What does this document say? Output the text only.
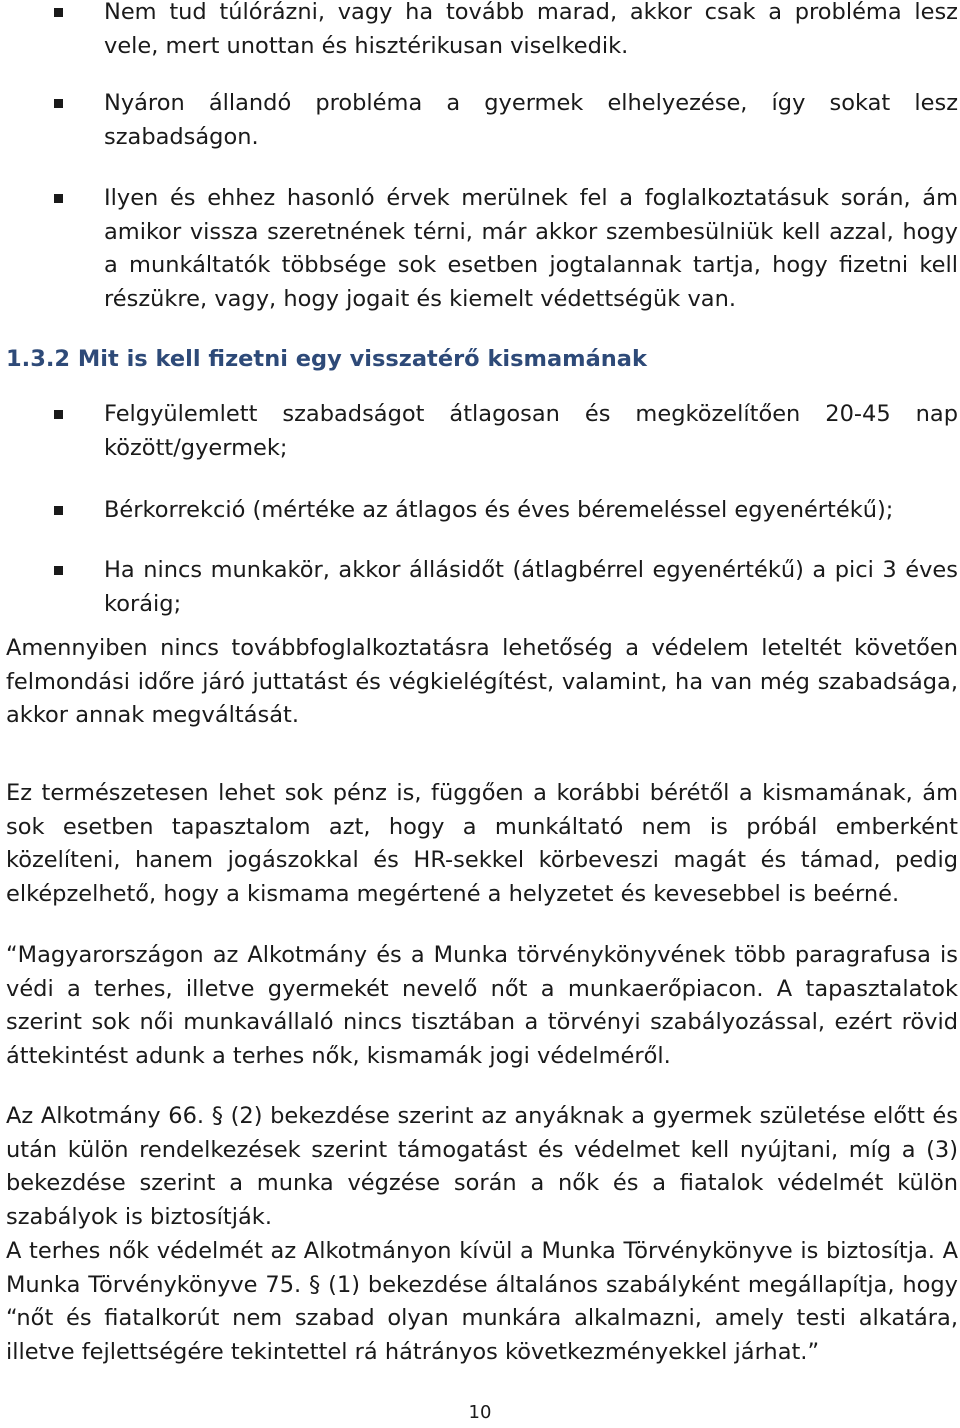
Nem tud túlórázni, vagy ha tovább marad, akkor csak a probléma lesz vele, mert unottan és hisztérikusan viselkedik.
Nyáron állandó probléma a gyermek elhelyezése, így sokat lesz szabadságon.
Ilyen és ehhez hasonló érvek merülnek fel a foglalkoztatásuk során, ám amikor vissza szeretnének térni, már akkor szembesülniük kell azzal, hogy a munkáltatók többsége sok esetben jogtalannak tartja, hogy fizetni kell részükre, vagy, hogy jogait és kiemelt védettségük van.
1.3.2 Mit is kell fizetni egy visszatérő kismamának
Felgyülemlett szabadságot átlagosan és megközelítően 20-45 nap között/gyermek;
Bérkorrekció (mértéke az átlagos és éves béremeléssel egyenértékű);
Ha nincs munkakör, akkor állásidőt (átlagbérrel egyenértékű) a pici 3 éves koráig;

Amennyiben nincs továbbfoglalkoztatásra lehetőség a védelem leteltét követően felmondási időre járó juttatást és végkielégítést, valamint, ha van még szabadsága, akkor annak megváltását.

Ez természetesen lehet sok pénz is, függően a korábbi bérétől a kismamának, ám sok esetben tapasztalom azt, hogy a munkáltató nem is próbál emberként közelíteni, hanem jogászokkal és HR-sekkel körbeveszi magát és támad, pedig elképzelhető, hogy a kismama megértené a helyzetet és kevesebbel is beérné.

“Magyarországon az Alkotmány és a Munka törvénykönyvének több paragrafusa is védi a terhes, illetve gyermekét nevelő nőt a munkaerőpiacon. A tapasztalatok szerint sok női munkavállaló nincs tisztában a törvényi szabályozással, ezért rövid áttekintést adunk a terhes nők, kismamák jogi védelméről.

Az Alkotmány 66. § (2) bekezdése szerint az anyáknak a gyermek születése előtt és után külön rendelkezések szerint támogatást és védelmet kell nyújtani, míg a (3) bekezdése szerint a munka végzése során a nők és a fiatalok védelmét külön szabályok is biztosítják.

A terhes nők védelmét az Alkotmányon kívül a Munka Törvénykönyve is biztosítja. A Munka Törvénykönyve 75. § (1) bekezdése általános szabályként megállapítja, hogy “nőt és fiatalkorút nem szabad olyan munkára alkalmazni, amely testi alkatára, illetve fejlettségére tekintettel rá hátrányos következményekkel járhat.”

10
